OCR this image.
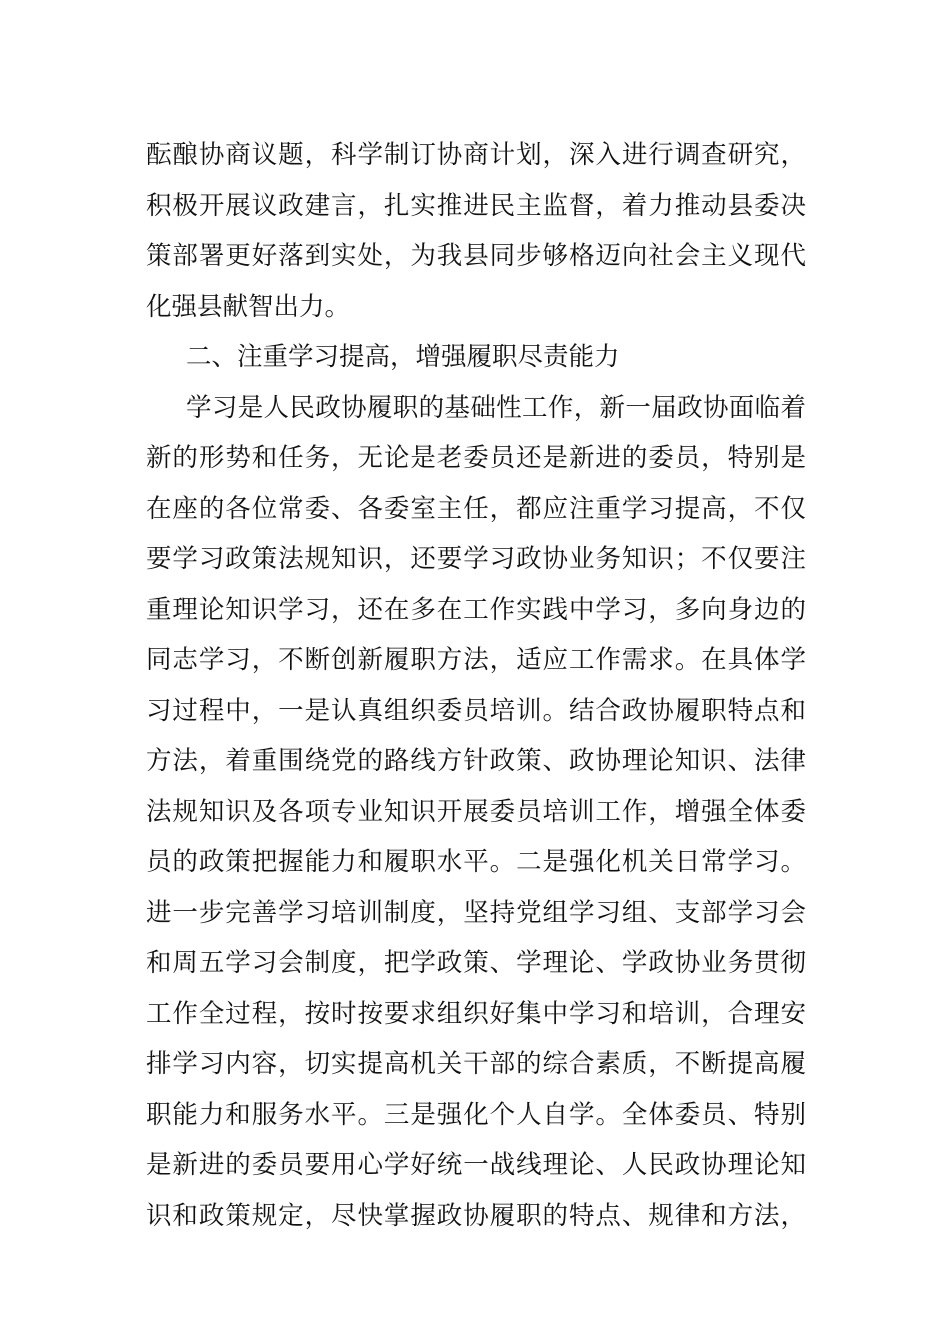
酝酿协商议题，科学制订协商计划，深入进行调查研究，
积极开展议政建言，扎实推进民主监督，着力推动县委决
策部署更好落到实处，为我县同步够格迈向社会主义现代
化强县献智出力。
二、注重学习提高，增强履职尽责能力
学习是人民政协履职的基础性工作，新一届政协面临着
新的形势和任务，无论是老委员还是新进的委员，特别是
在座的各位常委、各委室主任，都应注重学习提高，不仅
要学习政策法规知识，还要学习政协业务知识；不仅要注
重理论知识学习，还在多在工作实践中学习，多向身边的
同志学习，不断创新履职方法，适应工作需求。在具体学
习过程中，一是认真组织委员培训。结合政协履职特点和
方法，着重围绕党的路线方针政策、政协理论知识、法律
法规知识及各项专业知识开展委员培训工作，增强全体委
员的政策把握能力和履职水平。二是强化机关日常学习。
进一步完善学习培训制度，坚持党组学习组、支部学习会
和周五学习会制度，把学政策、学理论、学政协业务贯彻
工作全过程，按时按要求组织好集中学习和培训，合理安
排学习内容，切实提高机关干部的综合素质，不断提高履
职能力和服务水平。三是强化个人自学。全体委员、特别
是新进的委员要用心学好统一战线理论、人民政协理论知
识和政策规定，尽快掌握政协履职的特点、规律和方法，
